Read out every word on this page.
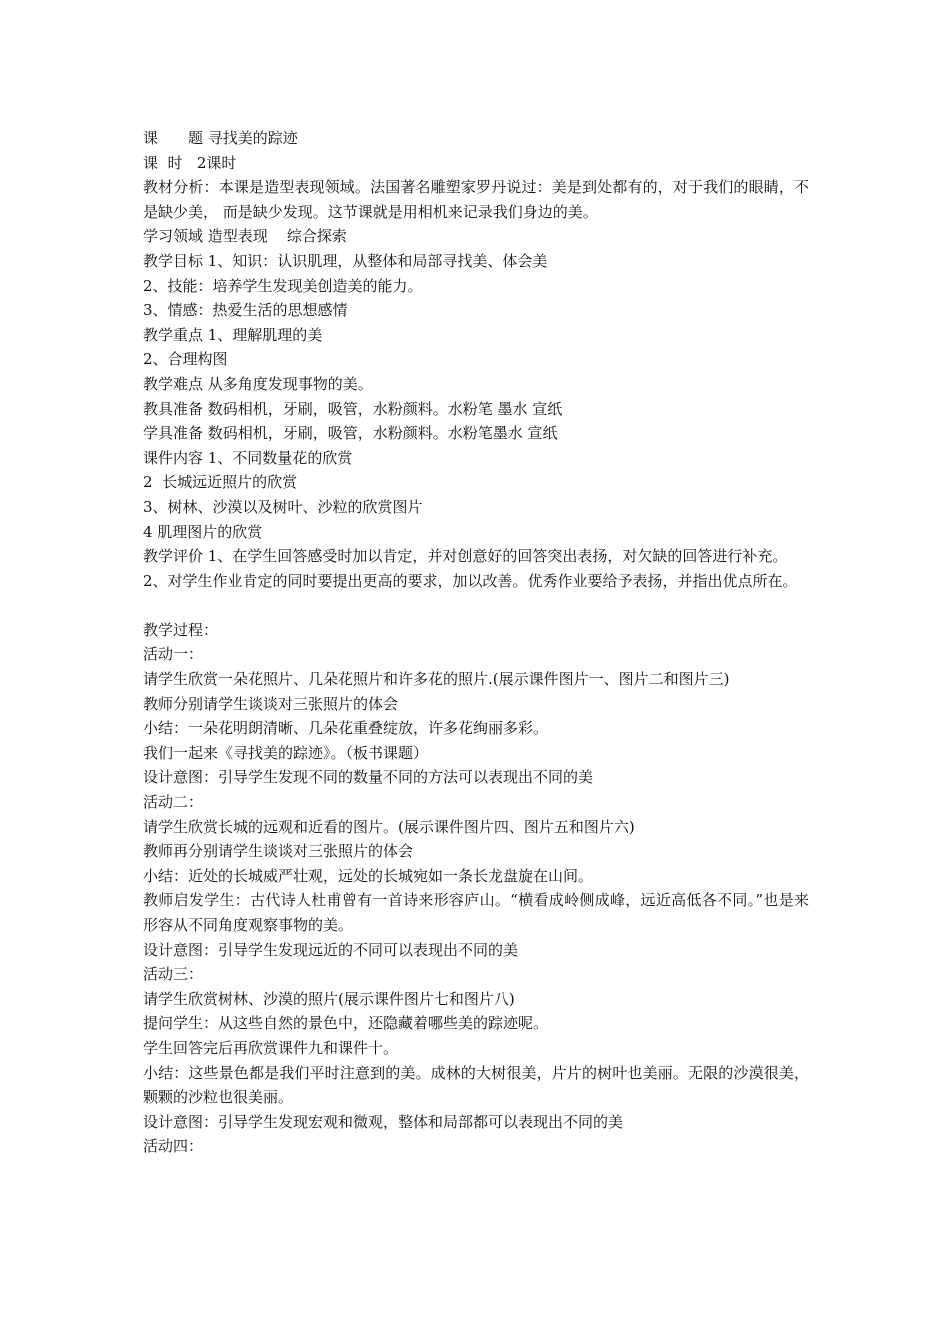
课　　题 寻找美的踪迹
课  时   2课时
教材分析：本课是造型表现领域。法国著名雕塑家罗丹说过：美是到处都有的，对于我们的眼睛，不是缺少美， 而是缺少发现。这节课就是用相机来记录我们身边的美。
学习领域 造型表现    综合探索
教学目标 1、知识：认识肌理，从整体和局部寻找美、体会美
2、技能：培养学生发现美创造美的能力。
3、情感：热爱生活的思想感情
教学重点 1、理解肌理的美
2、合理构图
教学难点 从多角度发现事物的美。
教具准备 数码相机，牙刷，吸管，水粉颜料。水粉笔 墨水 宣纸
学具准备 数码相机，牙刷，吸管，水粉颜料。水粉笔墨水 宣纸
课件内容 1、不同数量花的欣赏
2  长城远近照片的欣赏
3、树林、沙漠以及树叶、沙粒的欣赏图片
4 肌理图片的欣赏
教学评价 1、在学生回答感受时加以肯定，并对创意好的回答突出表扬，对欠缺的回答进行补充。
2、对学生作业肯定的同时要提出更高的要求，加以改善。优秀作业要给予表扬，并指出优点所在。
教学过程：
活动一：
请学生欣赏一朵花照片、几朵花照片和许多花的照片.(展示课件图片一、图片二和图片三)
教师分别请学生谈谈对三张照片的体会
小结：一朵花明朗清晰、几朵花重叠绽放，许多花绚丽多彩。
我们一起来《寻找美的踪迹》。（板书课题）
设计意图：引导学生发现不同的数量不同的方法可以表现出不同的美
活动二：
请学生欣赏长城的远观和近看的图片。(展示课件图片四、图片五和图片六)
教师再分别请学生谈谈对三张照片的体会
小结：近处的长城威严壮观，远处的长城宛如一条长龙盘旋在山间。
教师启发学生：古代诗人杜甫曾有一首诗来形容庐山。“横看成岭侧成峰，远近高低各不同。”也是来形容从不同角度观察事物的美。
设计意图：引导学生发现远近的不同可以表现出不同的美
活动三：
请学生欣赏树林、沙漠的照片(展示课件图片七和图片八)
提问学生：从这些自然的景色中，还隐藏着哪些美的踪迹呢。
学生回答完后再欣赏课件九和课件十。
小结：这些景色都是我们平时注意到的美。成林的大树很美，片片的树叶也美丽。无限的沙漠很美，颗颗的沙粒也很美丽。
设计意图：引导学生发现宏观和微观，整体和局部都可以表现出不同的美
活动四：
